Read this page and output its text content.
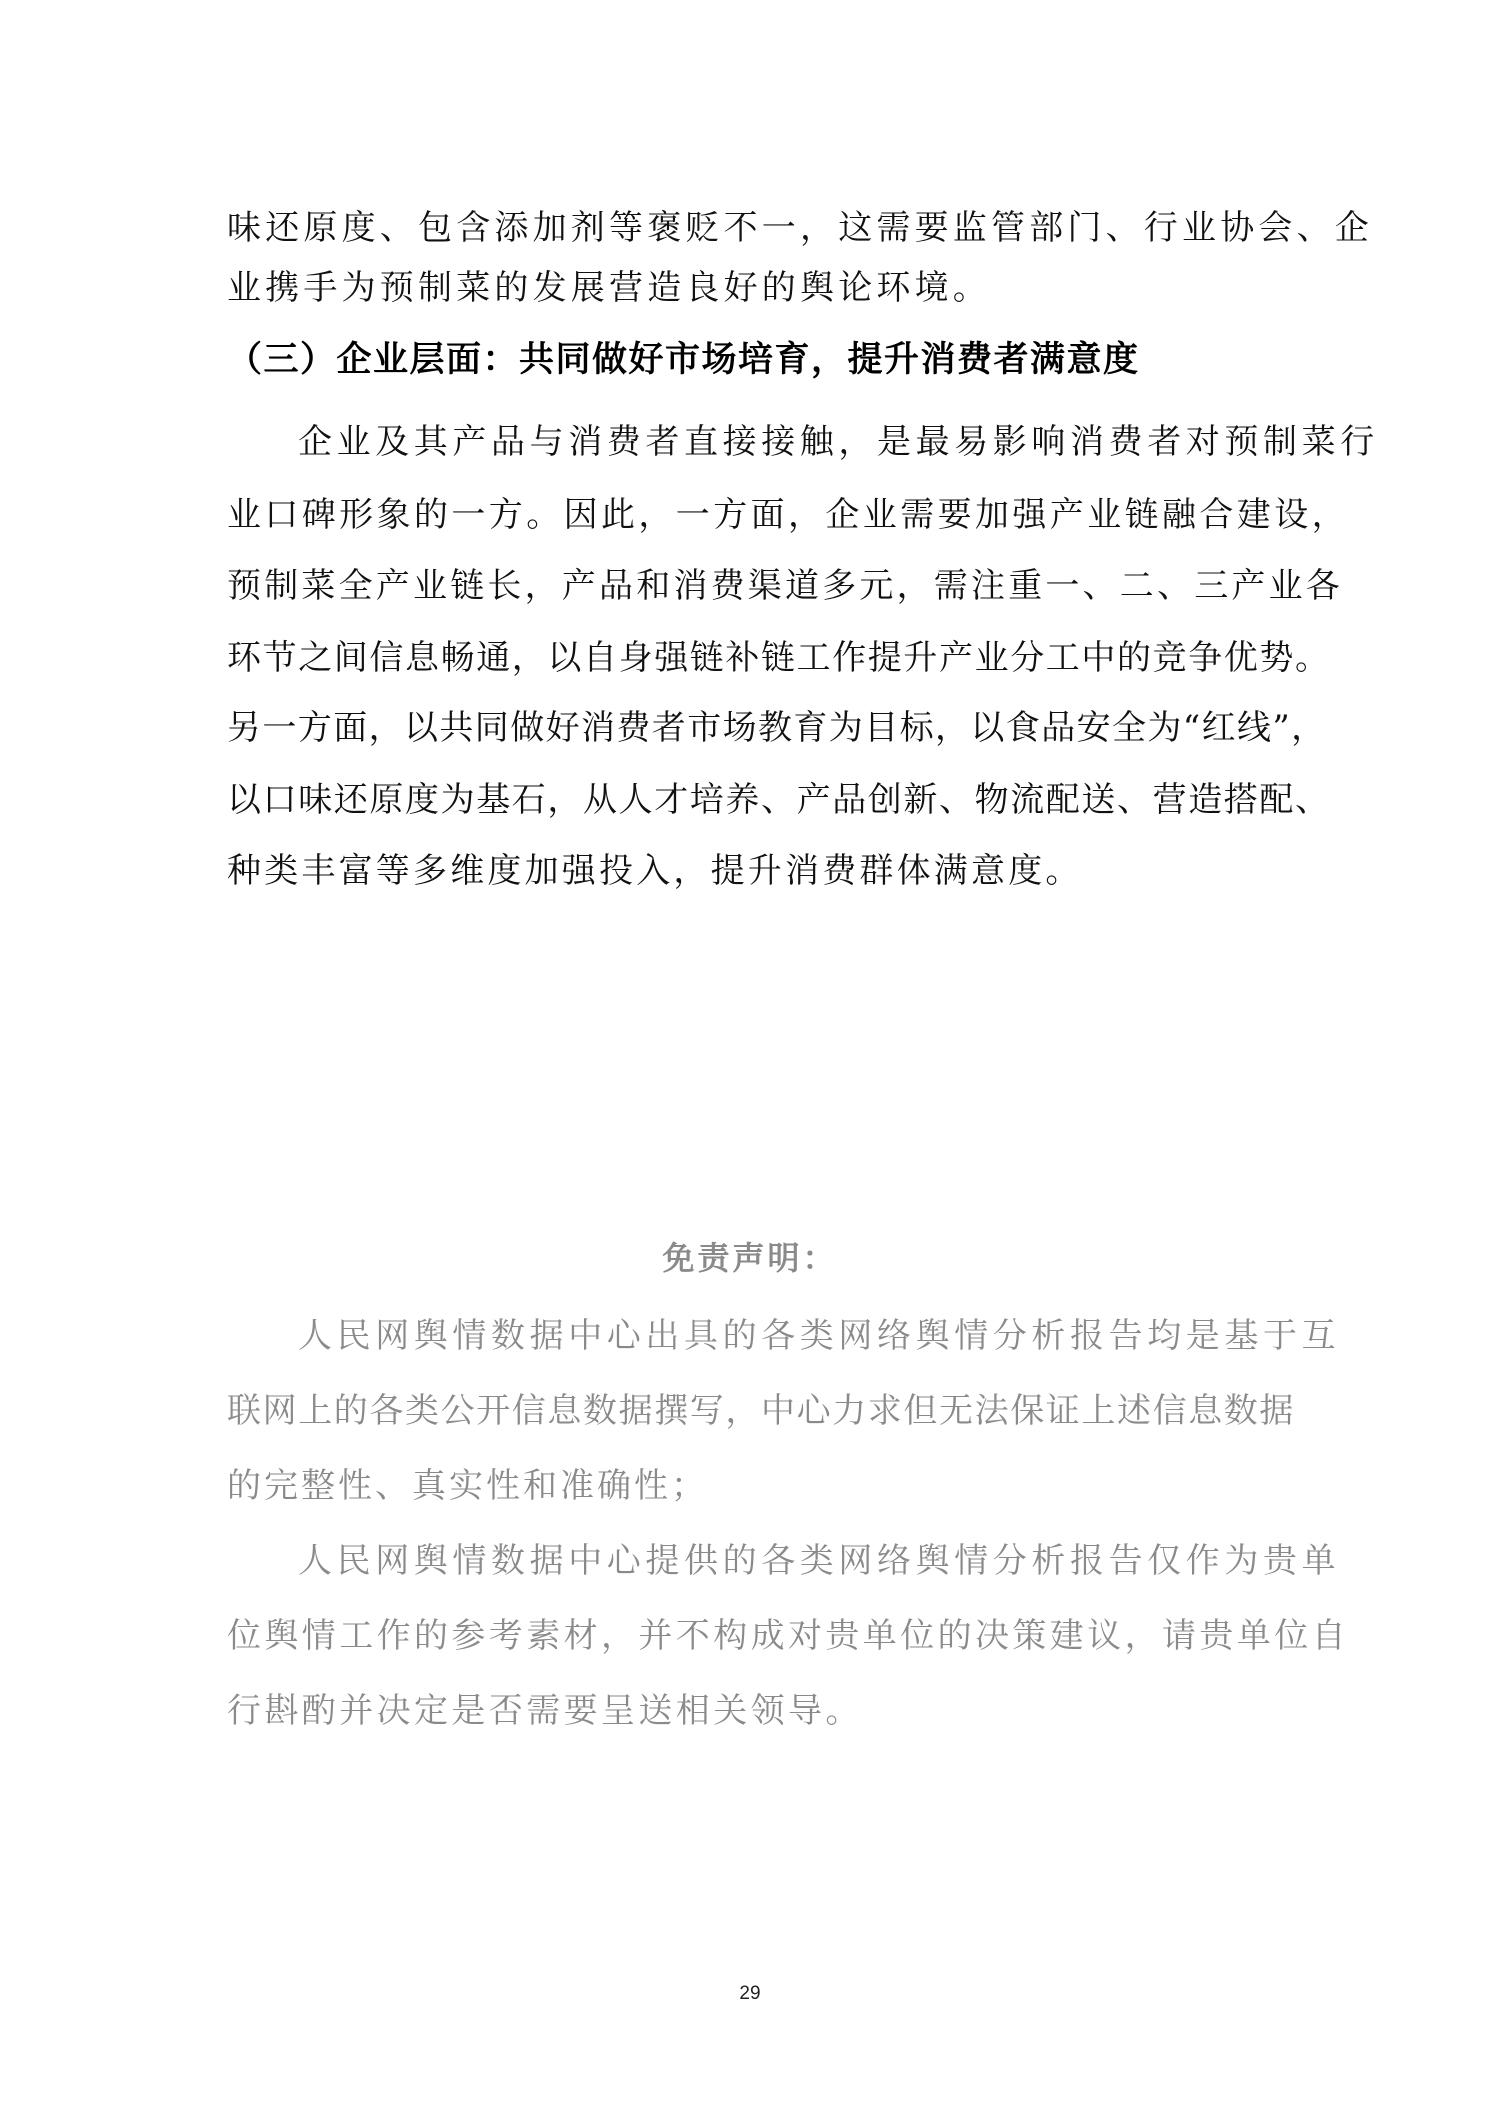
味还原度、包含添加剂等褒贬不一，这需要监管部门、行业协会、企

业携手为预制菜的发展营造良好的舆论环境。

（三）企业层面：共同做好市场培育，提升消费者满意度

企业及其产品与消费者直接接触，是最易影响消费者对预制菜行

业口碑形象的一方。因此，一方面，企业需要加强产业链融合建设，

预制菜全产业链长，产品和消费渠道多元，需注重一、二、三产业各

环节之间信息畅通，以自身强链补链工作提升产业分工中的竞争优势。

另一方面，以共同做好消费者市场教育为目标，以食品安全为“红线”，

以口味还原度为基石，从人才培养、产品创新、物流配送、营造搭配、

种类丰富等多维度加强投入，提升消费群体满意度。

免责声明：

人民网舆情数据中心出具的各类网络舆情分析报告均是基于互

联网上的各类公开信息数据撰写，中心力求但无法保证上述信息数据

的完整性、真实性和准确性；

人民网舆情数据中心提供的各类网络舆情分析报告仅作为贵单

位舆情工作的参考素材，并不构成对贵单位的决策建议，请贵单位自

行斟酌并决定是否需要呈送相关领导。

29
